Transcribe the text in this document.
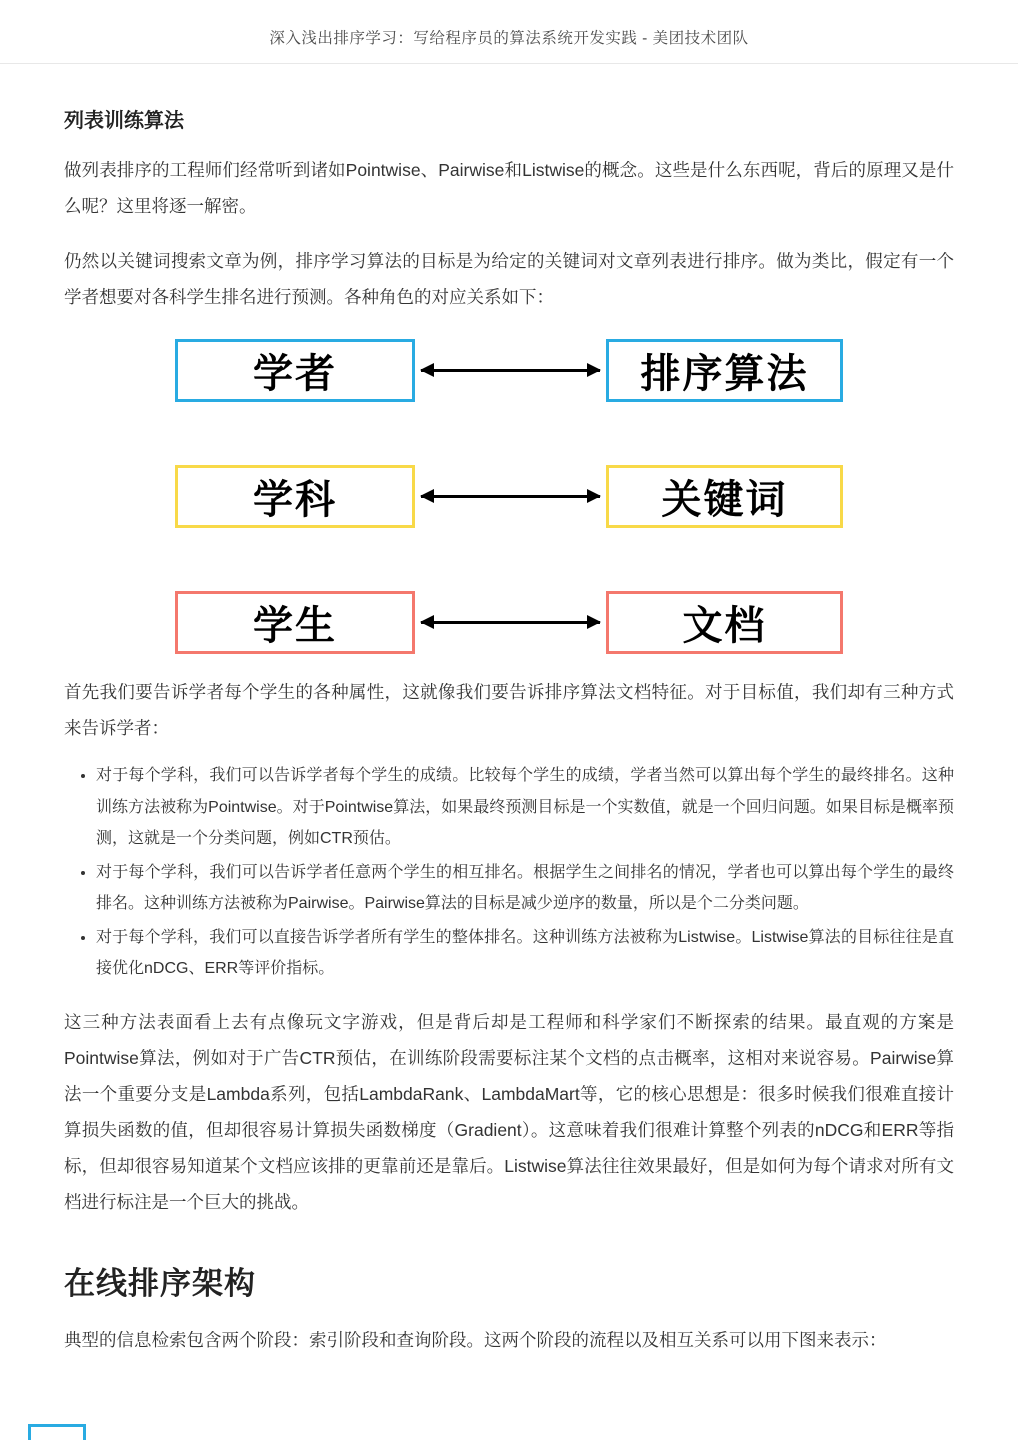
深入浅出排序学习：写给程序员的算法系统开发实践 - 美团技术团队
列表训练算法

做列表排序的工程师们经常听到诸如Pointwise、Pairwise和Listwise的概念。这些是什么东西呢，背后的原理又是什么呢？这里将逐一解密。

仍然以关键词搜索文章为例，排序学习算法的目标是为给定的关键词对文章列表进行排序。做为类比，假定有一个学者想要对各科学生排名进行预测。各种角色的对应关系如下：

学者	排序算法
学科	关键词
学生	文档

首先我们要告诉学者每个学生的各种属性，这就像我们要告诉排序算法文档特征。对于目标值，我们却有三种方式来告诉学者：

• 对于每个学科，我们可以告诉学者每个学生的成绩。比较每个学生的成绩，学者当然可以算出每个学生的最终排名。这种训练方法被称为Pointwise。对于Pointwise算法，如果最终预测目标是一个实数值，就是一个回归问题。如果目标是概率预测，这就是一个分类问题，例如CTR预估。
• 对于每个学科，我们可以告诉学者任意两个学生的相互排名。根据学生之间排名的情况，学者也可以算出每个学生的最终排名。这种训练方法被称为Pairwise。Pairwise算法的目标是减少逆序的数量，所以是个二分类问题。
• 对于每个学科，我们可以直接告诉学者所有学生的整体排名。这种训练方法被称为Listwise。Listwise算法的目标往往是直接优化nDCG、ERR等评价指标。

这三种方法表面看上去有点像玩文字游戏，但是背后却是工程师和科学家们不断探索的结果。最直观的方案是Pointwise算法，例如对于广告CTR预估，在训练阶段需要标注某个文档的点击概率，这相对来说容易。Pairwise算法一个重要分支是Lambda系列，包括LambdaRank、LambdaMart等，它的核心思想是：很多时候我们很难直接计算损失函数的值，但却很容易计算损失函数梯度（Gradient）。这意味着我们很难计算整个列表的nDCG和ERR等指标，但却很容易知道某个文档应该排的更靠前还是靠后。Listwise算法往往效果最好，但是如何为每个请求对所有文档进行标注是一个巨大的挑战。

在线排序架构

典型的信息检索包含两个阶段：索引阶段和查询阶段。这两个阶段的流程以及相互关系可以用下图来表示：
